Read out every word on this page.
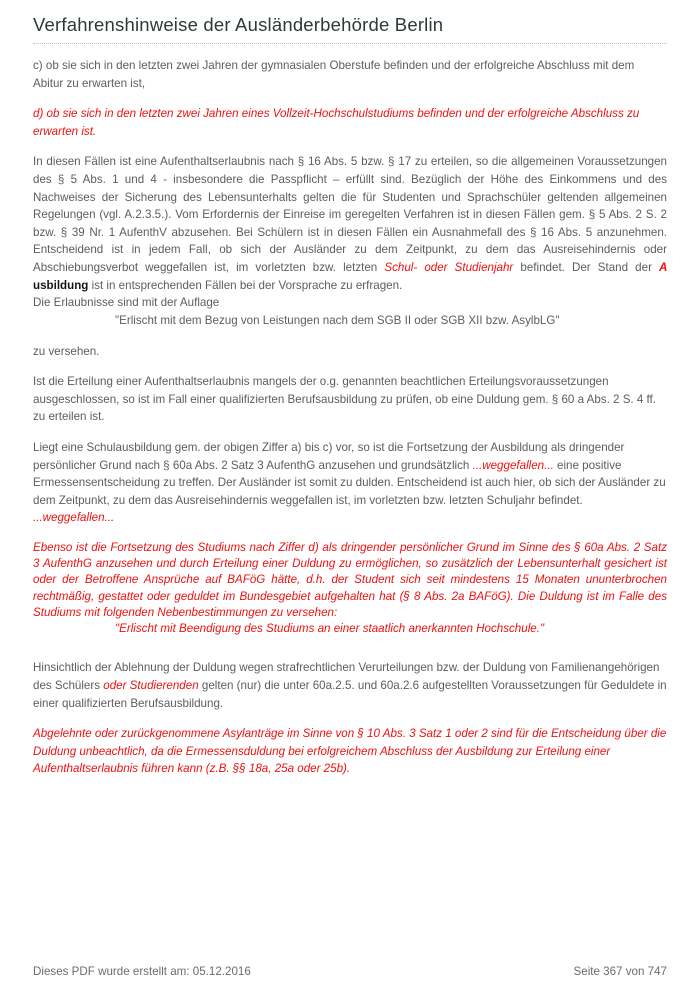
Verfahrenshinweise der Ausländerbehörde Berlin

c) ob sie sich in den letzten zwei Jahren der gymnasialen Oberstufe befinden und der erfolgreiche Abschluss mit dem Abitur zu erwarten ist,

d) ob sie sich in den letzten zwei Jahren eines Vollzeit-Hochschulstudiums befinden und der erfolgreiche Abschluss zu erwarten ist.

In diesen Fällen ist eine Aufenthaltserlaubnis nach § 16 Abs. 5 bzw. § 17 zu erteilen, so die allgemeinen Voraussetzungen des § 5 Abs. 1 und 4 - insbesondere die Passpflicht – erfüllt sind. Bezüglich der Höhe des Einkommens und des Nachweises der Sicherung des Lebensunterhalts gelten die für Studenten und Sprachschüler geltenden allgemeinen Regelungen (vgl. A.2.3.5.). Vom Erfordernis der Einreise im geregelten Verfahren ist in diesen Fällen gem. § 5 Abs. 2 S. 2 bzw. § 39 Nr. 1 AufenthV abzusehen. Bei Schülern ist in diesen Fällen ein Ausnahmefall des § 16 Abs. 5 anzunehmen. Entscheidend ist in jedem Fall, ob sich der Ausländer zu dem Zeitpunkt, zu dem das Ausreisehindernis oder Abschiebungsverbot weggefallen ist, im vorletzten bzw. letzten Schul- oder Studienjahr befindet. Der Stand der A usbildung ist in entsprechenden Fällen bei der Vorsprache zu erfragen.

Die Erlaubnisse sind mit der Auflage
"Erlischt mit dem Bezug von Leistungen nach dem SGB II oder SGB XII bzw. AsylbLG"

zu versehen.

Ist die Erteilung einer Aufenthaltserlaubnis mangels der o.g. genannten beachtlichen Erteilungsvoraussetzungen ausgeschlossen, so ist im Fall einer qualifizierten Berufsausbildung zu prüfen, ob eine Duldung gem. § 60 a Abs. 2 S. 4 ff. zu erteilen ist.

Liegt eine Schulausbildung gem. der obigen Ziffer a) bis c) vor, so ist die Fortsetzung der Ausbildung als dringender persönlicher Grund nach § 60a Abs. 2 Satz 3 AufenthG anzusehen und grundsätzlich ...weggefallen... eine positive Ermessensentscheidung zu treffen. Der Ausländer ist somit zu dulden. Entscheidend ist auch hier, ob sich der Ausländer zu dem Zeitpunkt, zu dem das Ausreisehindernis weggefallen ist, im vorletzten bzw. letzten Schuljahr befindet. ...weggefallen...

Ebenso ist die Fortsetzung des Studiums nach Ziffer d) als dringender persönlicher Grund im Sinne des § 60a Abs. 2 Satz 3 AufenthG anzusehen und durch Erteilung einer Duldung zu ermöglichen, so zusätzlich der Lebensunterhalt gesichert ist oder der Betroffene Ansprüche auf BAFöG hätte, d.h. der Student sich seit mindestens 15 Monaten ununterbrochen rechtmäßig, gestattet oder geduldet im Bundesgebiet aufgehalten hat (§ 8 Abs. 2a BAFöG). Die Duldung ist im Falle des Studiums mit folgenden Nebenbestimmungen zu versehen:

"Erlischt mit Beendigung des Studiums an einer staatlich anerkannten Hochschule."

Hinsichtlich der Ablehnung der Duldung wegen strafrechtlichen Verurteilungen bzw. der Duldung von Familienangehörigen des Schülers oder Studierenden gelten (nur) die unter 60a.2.5. und 60a.2.6 aufgestellten Voraussetzungen für Geduldete in einer qualifizierten Berufsausbildung.

Abgelehnte oder zurückgenommene Asylanträge im Sinne von § 10 Abs. 3 Satz 1 oder 2 sind für die Entscheidung über die Duldung unbeachtlich, da die Ermessensduldung bei erfolgreichem Abschluss der Ausbildung zur Erteilung einer Aufenthaltserlaubnis führen kann (z.B. §§ 18a, 25a oder 25b).

Dieses PDF wurde erstellt am: 05.12.2016	Seite 367 von 747
